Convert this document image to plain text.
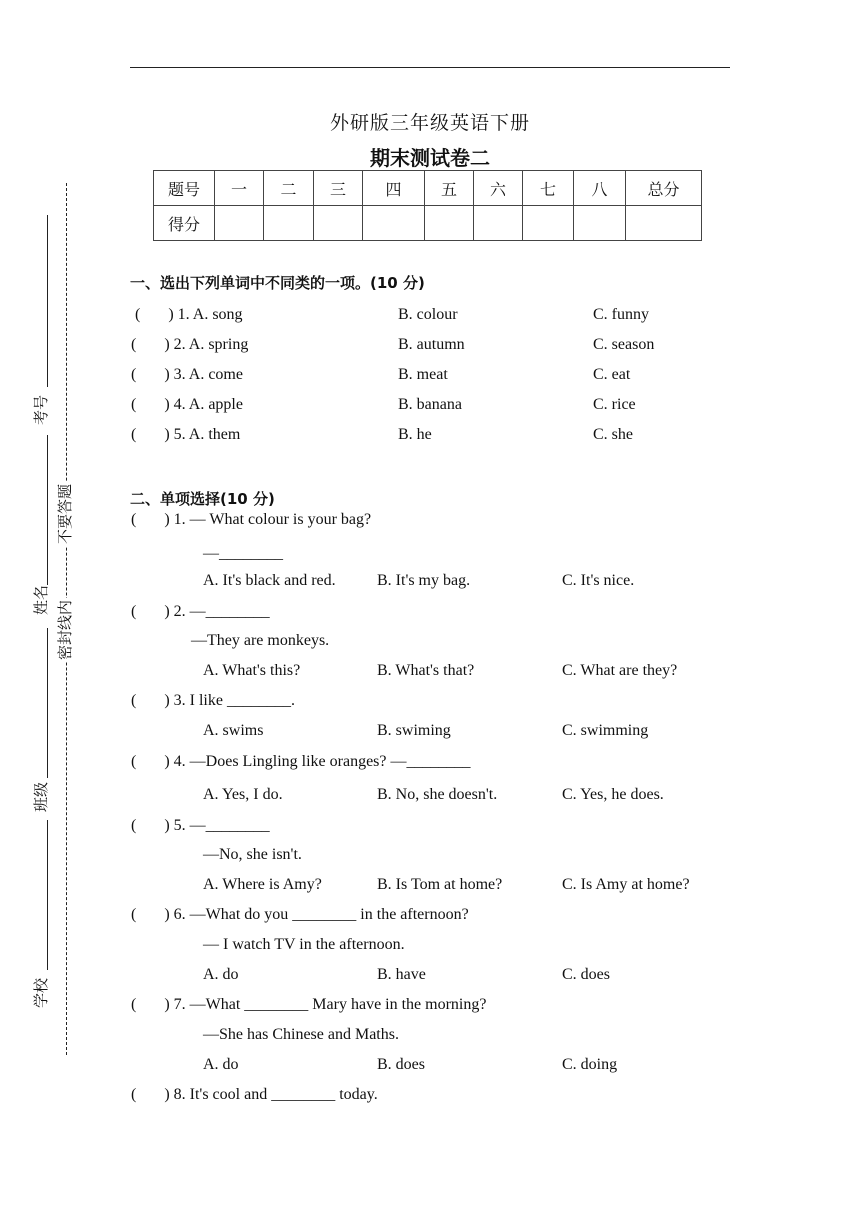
外研版三年级英语下册
期末测试卷二
题号	一	二	三	四	五	六	七	八	总分
得分									
学校
班级
姓名
考号
密封线内
不要答题
一、选出下列单词中不同类的一项。(10 分)
(       ) 1. A. song	B. colour	C. funny
(       ) 2. A. spring	B. autumn	C. season
(       ) 3. A. come	B. meat	C. eat
(       ) 4. A. apple	B. banana	C. rice
(       ) 5. A. them	B. he	C. she
二、单项选择(10 分)
(       ) 1. — What colour is your bag?
—________
A. It's black and red.	B. It's my bag.	C. It's nice.
(       ) 2. —________
—They are monkeys.
A. What's this?	B. What's that?	C. What are they?
(       ) 3. I like ________.
A. swims	B. swiming	C. swimming
(       ) 4. —Does Lingling like oranges? —________
A. Yes, I do.	B. No, she doesn't.	C. Yes, he does.
(       ) 5. —________
—No, she isn't.
A. Where is Amy?	B. Is Tom at home?	C. Is Amy at home?
(       ) 6. —What do you ________ in the afternoon?
— I watch TV in the afternoon.
A. do	B. have	C. does
(       ) 7. —What ________ Mary have in the morning?
—She has Chinese and Maths.
A. do	B. does	C. doing
(       ) 8. It's cool and ________ today.
